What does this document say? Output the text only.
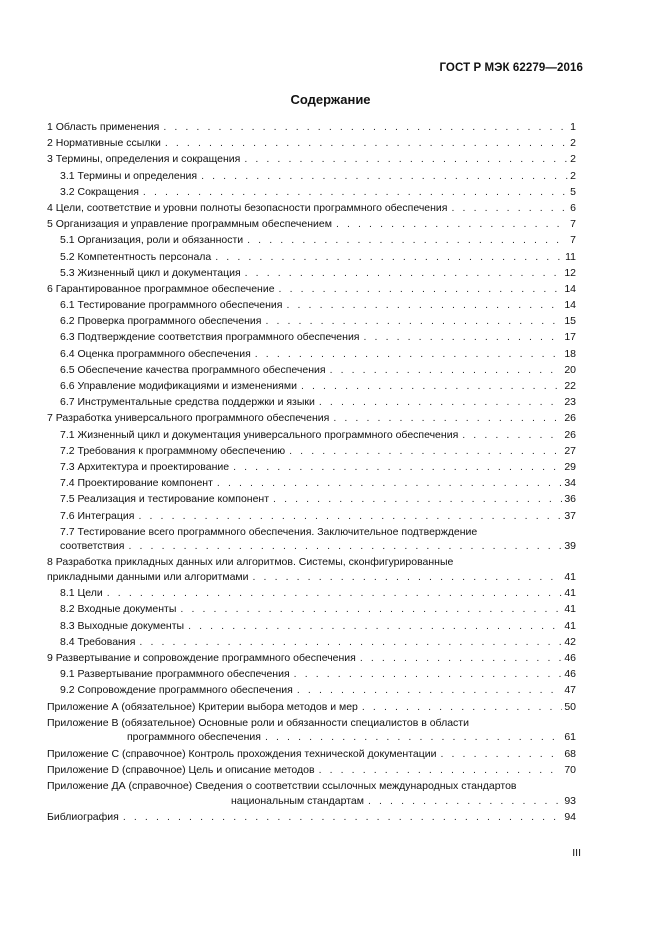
ГОСТ Р МЭК 62279—2016
Содержание
1 Область применения . . .	1
2 Нормативные ссылки . . .	2
3 Термины, определения и сокращения . . .	2
3.1 Термины и определения . . .	2
3.2 Сокращения . . .	5
4 Цели, соответствие и уровни полноты безопасности программного обеспечения . . .	6
5 Организация и управление программным обеспечением . . .	7
5.1 Организация, роли и обязанности . . .	7
5.2 Компетентность персонала . . .	11
5.3 Жизненный цикл и документация . . .	12
6 Гарантированное программное обеспечение . . .	14
6.1 Тестирование программного обеспечения . . .	14
6.2 Проверка программного обеспечения . . .	15
6.3 Подтверждение соответствия программного обеспечения . . .	17
6.4 Оценка программного обеспечения . . .	18
6.5 Обеспечение качества программного обеспечения . . .	20
6.6 Управление модификациями и изменениями . . .	22
6.7 Инструментальные средства поддержки и языки . . .	23
7 Разработка универсального программного обеспечения . . .	26
7.1 Жизненный цикл и документация универсального программного обеспечения . . .	26
7.2 Требования к программному обеспечению . . .	27
7.3 Архитектура и проектирование . . .	29
7.4 Проектирование компонент . . .	34
7.5 Реализация и тестирование компонент . . .	36
7.6 Интеграция . . .	37
7.7 Тестирование всего программного обеспечения. Заключительное подтверждение
соответствия . . .	39
8 Разработка прикладных данных или алгоритмов. Системы, сконфигурированные
прикладными данными или алгоритмами . . .	41
8.1 Цели . . .	41
8.2 Входные документы . . .	41
8.3 Выходные документы . . .	41
8.4 Требования . . .	42
9 Развертывание и сопровождение программного обеспечения . . .	46
9.1 Развертывание программного обеспечения . . .	46
9.2 Сопровождение программного обеспечения . . .	47
Приложение А (обязательное) Критерии выбора методов и мер . . .	50
Приложение В (обязательное) Основные роли и обязанности специалистов в области
программного обеспечения . . .	61
Приложение С (справочное) Контроль прохождения технической документации . . .	68
Приложение D (справочное) Цель и описание методов . . .	70
Приложение ДА (справочное) Сведения о соответствии ссылочных международных стандартов
национальным стандартам . . .	93
Библиография . . .	94
III
